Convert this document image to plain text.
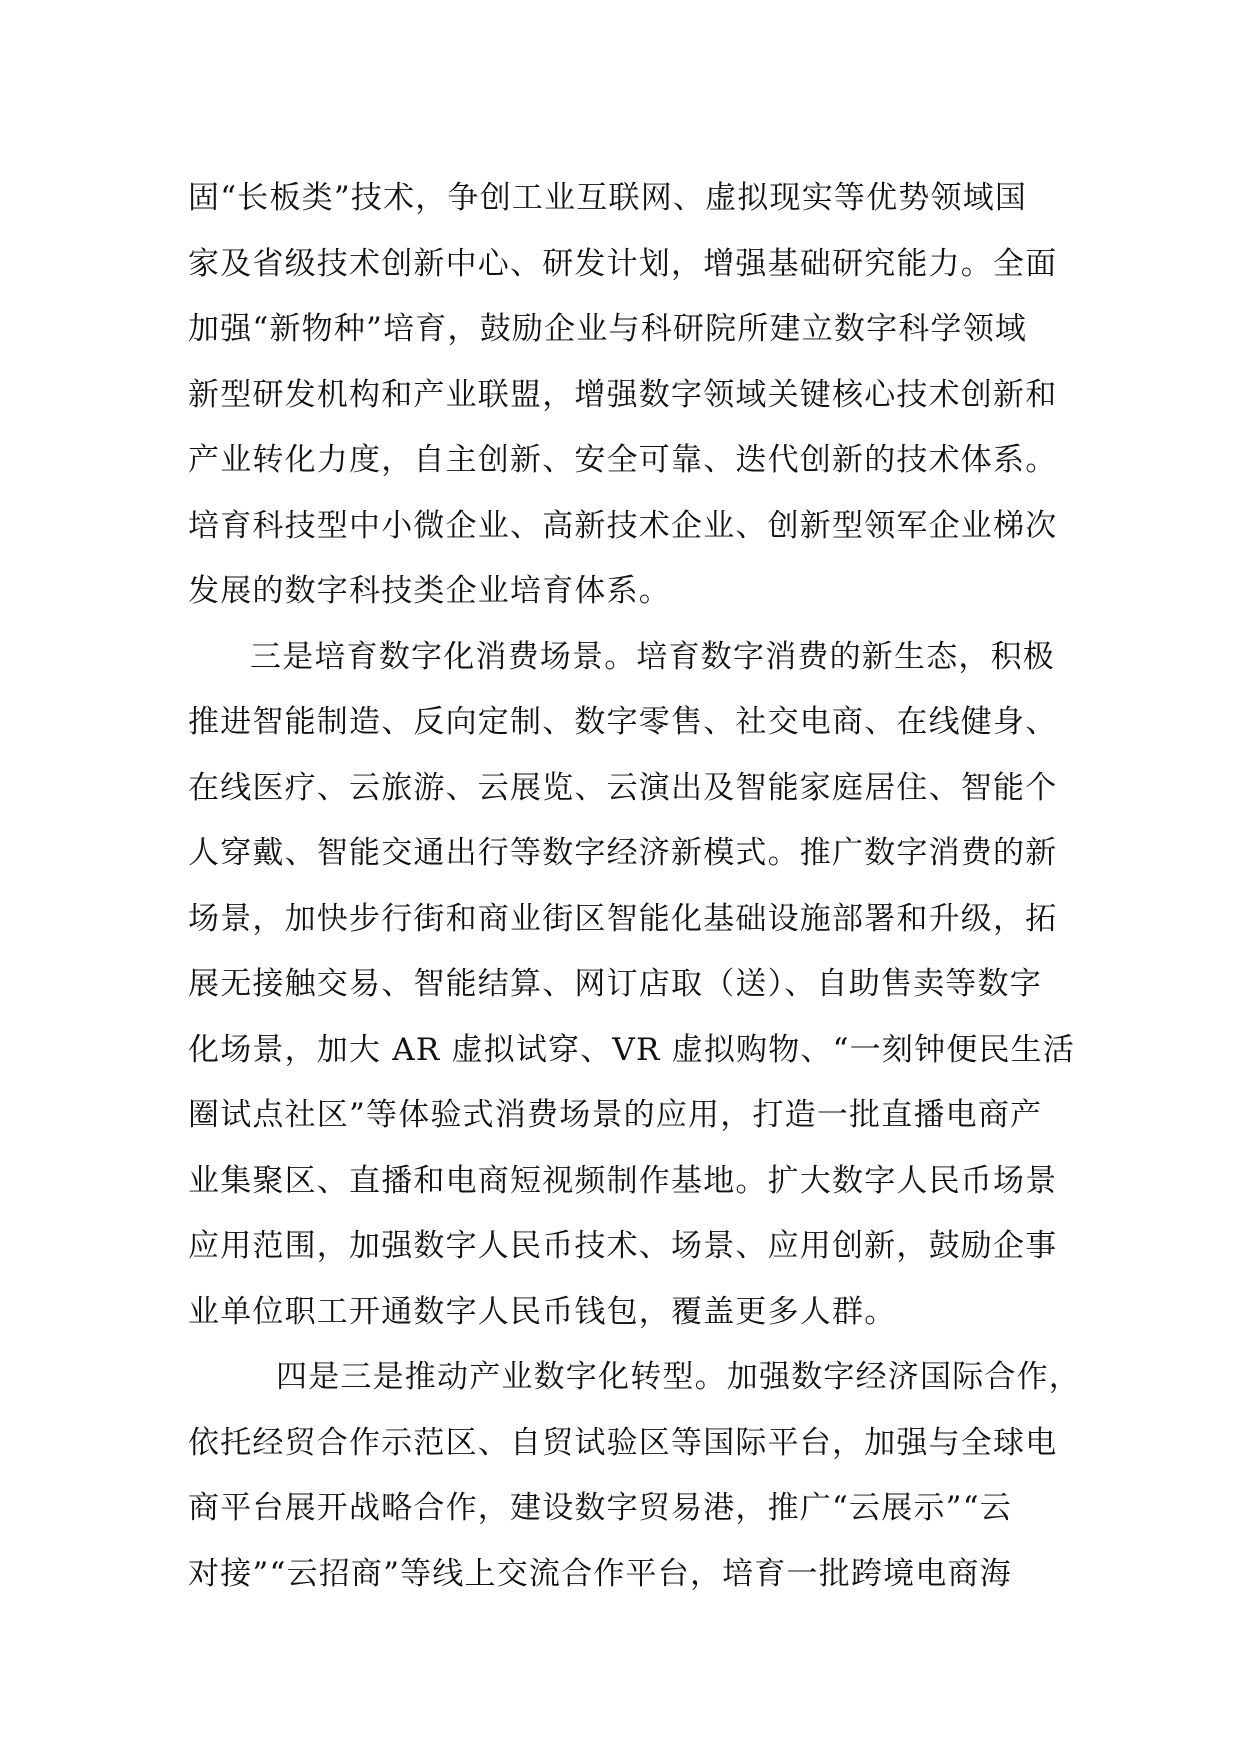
固“长板类”技术，争创工业互联网、虚拟现实等优势领域国
家及省级技术创新中心、研发计划，增强基础研究能力。全面
加强“新物种”培育，鼓励企业与科研院所建立数字科学领域
新型研发机构和产业联盟，增强数字领域关键核心技术创新和
产业转化力度，自主创新、安全可靠、迭代创新的技术体系。
培育科技型中小微企业、高新技术企业、创新型领军企业梯次
发展的数字科技类企业培育体系。
三是培育数字化消费场景。培育数字消费的新生态，积极
推进智能制造、反向定制、数字零售、社交电商、在线健身、
在线医疗、云旅游、云展览、云演出及智能家庭居住、智能个
人穿戴、智能交通出行等数字经济新模式。推广数字消费的新
场景，加快步行街和商业街区智能化基础设施部署和升级，拓
展无接触交易、智能结算、网订店取（送）、自助售卖等数字
化场景，加大 AR 虚拟试穿、VR 虚拟购物、“一刻钟便民生活
圈试点社区”等体验式消费场景的应用，打造一批直播电商产
业集聚区、直播和电商短视频制作基地。扩大数字人民币场景
应用范围，加强数字人民币技术、场景、应用创新，鼓励企事
业单位职工开通数字人民币钱包，覆盖更多人群。
四是三是推动产业数字化转型。加强数字经济国际合作，
依托经贸合作示范区、自贸试验区等国际平台，加强与全球电
商平台展开战略合作，建设数字贸易港，推广“云展示”“云
对接”“云招商”等线上交流合作平台，培育一批跨境电商海
